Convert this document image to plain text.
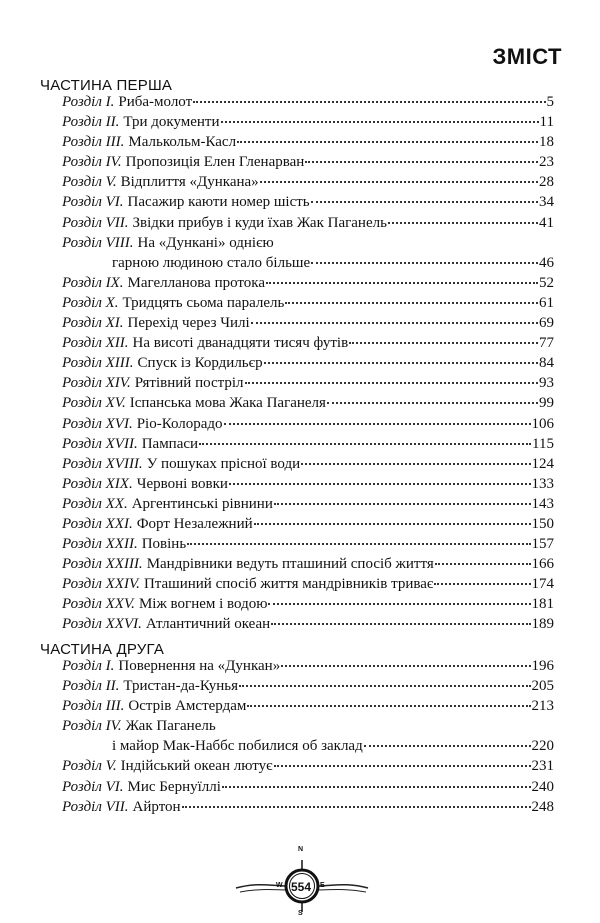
ЗМІСТ
ЧАСТИНА ПЕРША
Розділ I. Риба-молот	5
Розділ II. Три документи	11
Розділ III. Малькольм-Касл	18
Розділ IV. Пропозиція Елен Гленарван	23
Розділ V. Відплиття «Дункана»	28
Розділ VI. Пасажир каюти номер шість	34
Розділ VII. Звідки прибув і куди їхав Жак Паганель	41
Розділ VIII. На «Дункані» однією
гарною людиною стало більше	46
Розділ IX. Магелланова протока	52
Розділ X. Тридцять сьома паралель	61
Розділ XI. Перехід через Чилі	69
Розділ XII. На висоті дванадцяти тисяч футів	77
Розділ XIII. Спуск із Кордильєр	84
Розділ XIV. Рятівний постріл	93
Розділ XV. Іспанська мова Жака Паганеля	99
Розділ XVI. Ріо-Колорадо	106
Розділ XVII. Пампаси	115
Розділ XVIII. У пошуках прісної води	124
Розділ XIX. Червоні вовки	133
Розділ XX. Аргентинські рівнини	143
Розділ XXI. Форт Незалежний	150
Розділ XXII. Повінь	157
Розділ XXIII. Мандрівники ведуть пташиний спосіб життя	166
Розділ XXIV. Пташиний спосіб життя мандрівників триває	174
Розділ XXV. Між вогнем і водою	181
Розділ XXVI. Атлантичний океан	189
ЧАСТИНА ДРУГА
Розділ I. Повернення на «Дункан»	196
Розділ II. Тристан-да-Кунья	205
Розділ III. Острів Амстердам	213
Розділ IV. Жак Паганель
і майор Мак-Наббс побилися об заклад	220
Розділ V. Індійський океан лютує	231
Розділ VI. Мис Бернуїллі	240
Розділ VII. Айртон	248
554
N
S
E
W
